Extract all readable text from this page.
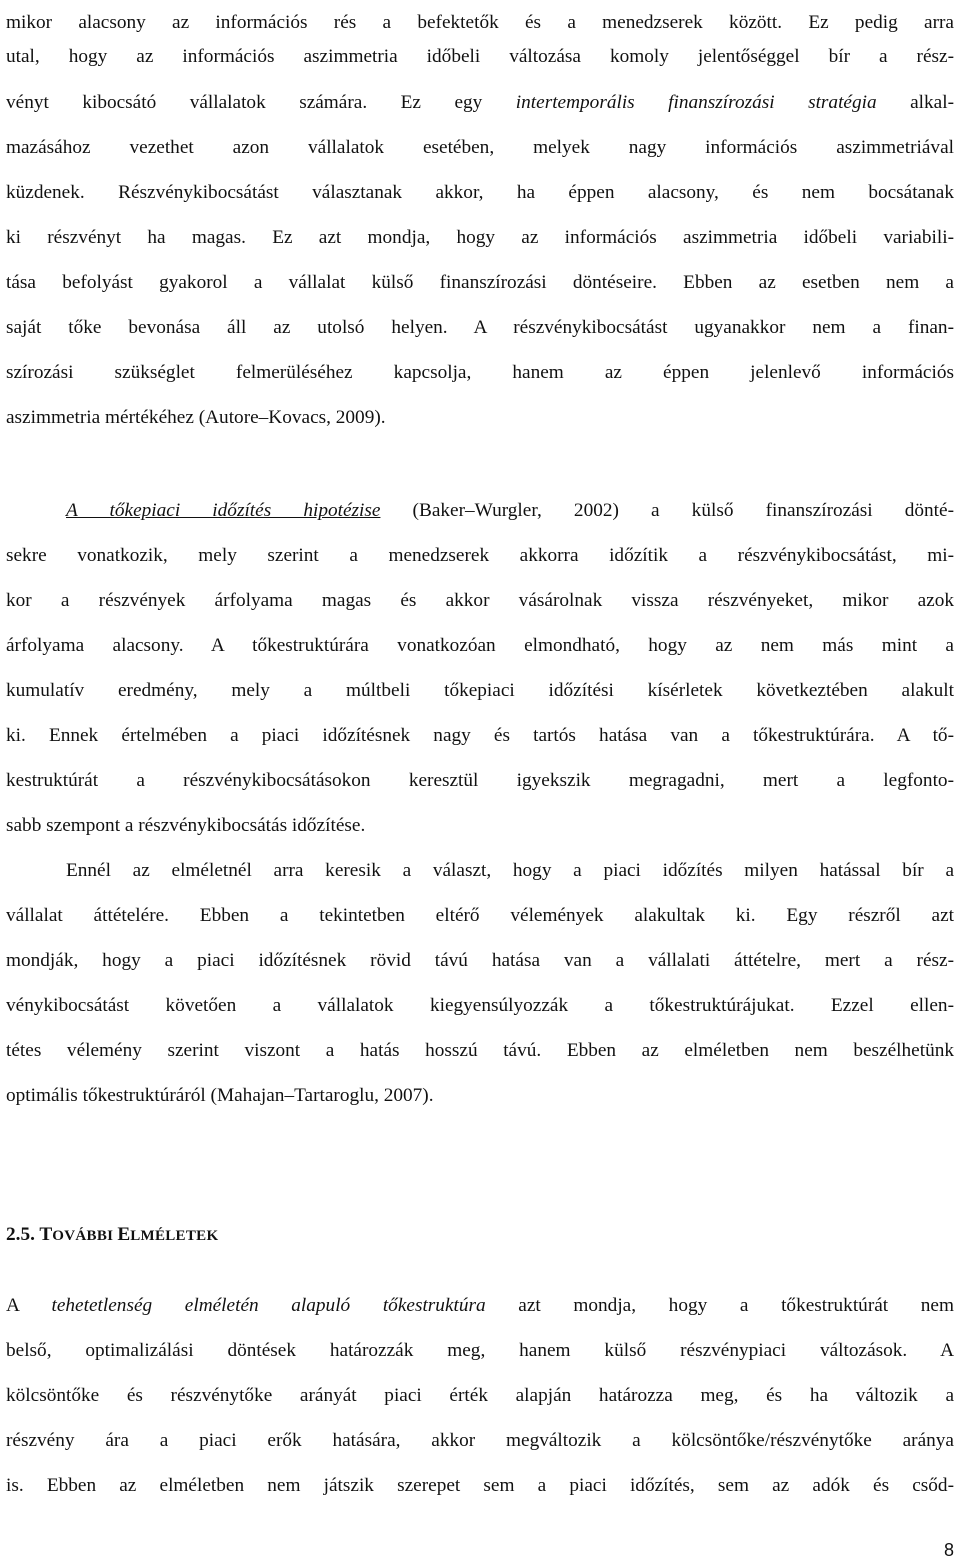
mikor alacsony az információs rés a befektetők és a menedzserek között. Ez pedig arra
utal, hogy az információs aszimmetria időbeli változása komoly jelentőséggel bír a rész-
vényt kibocsátó vállalatok számára. Ez egy intertemporális finanszírozási stratégia alkal-
mazásához vezethet azon vállalatok esetében, melyek nagy információs aszimmetriával
küzdenek. Részvénykibocsátást választanak akkor, ha éppen alacsony, és nem bocsátanak
ki részvényt ha magas. Ez azt mondja, hogy az információs aszimmetria időbeli variabili-
tása befolyást gyakorol a vállalat külső finanszírozási döntéseire. Ebben az esetben nem a
saját tőke bevonása áll az utolsó helyen. A részvénykibocsátást ugyanakkor nem a finan-
szírozási szükséglet felmerüléséhez kapcsolja, hanem az éppen jelenlevő információs
aszimmetria mértékéhez (Autore–Kovacs, 2009).
A tőkepiaci időzítés hipotézise (Baker–Wurgler, 2002) a külső finanszírozási dönté-
sekre vonatkozik, mely szerint a menedzserek akkorra időzítik a részvénykibocsátást, mi-
kor a részvények árfolyama magas és akkor vásárolnak vissza részvényeket, mikor azok
árfolyama alacsony. A tőkestruktúrára vonatkozóan elmondható, hogy az nem más mint a
kumulatív eredmény, mely a múltbeli tőkepiaci időzítési kísérletek következtében alakult
ki. Ennek értelmében a piaci időzítésnek nagy és tartós hatása van a tőkestruktúrára. A tő-
kestruktúrát a részvénykibocsátásokon keresztül igyekszik megragadni, mert a legfonto-
sabb szempont a részvénykibocsátás időzítése.
Ennél az elméletnél arra keresik a választ, hogy a piaci időzítés milyen hatással bír a
vállalat áttételére. Ebben a tekintetben eltérő vélemények alakultak ki. Egy részről azt
mondják, hogy a piaci időzítésnek rövid távú hatása van a vállalati áttételre, mert a rész-
vénykibocsátást követően a vállalatok kiegyensúlyozzák a tőkestruktúrájukat. Ezzel ellen-
tétes vélemény szerint viszont a hatás hosszú távú. Ebben az elméletben nem beszélhetünk
optimális tőkestruktúráról (Mahajan–Tartaroglu, 2007).
2.5. TOVÁBBI ELMÉLETEK
A tehetetlenség elméletén alapuló tőkestruktúra azt mondja, hogy a tőkestruktúrát nem
belső, optimalizálási döntések határozzák meg, hanem külső részvénypiaci változások. A
kölcsöntőke és részvénytőke arányát piaci érték alapján határozza meg, és ha változik a
részvény ára a piaci erők hatására, akkor megváltozik a kölcsöntőke/részvénytőke aránya
is. Ebben az elméletben nem játszik szerepet sem a piaci időzítés, sem az adók és csőd-
8
